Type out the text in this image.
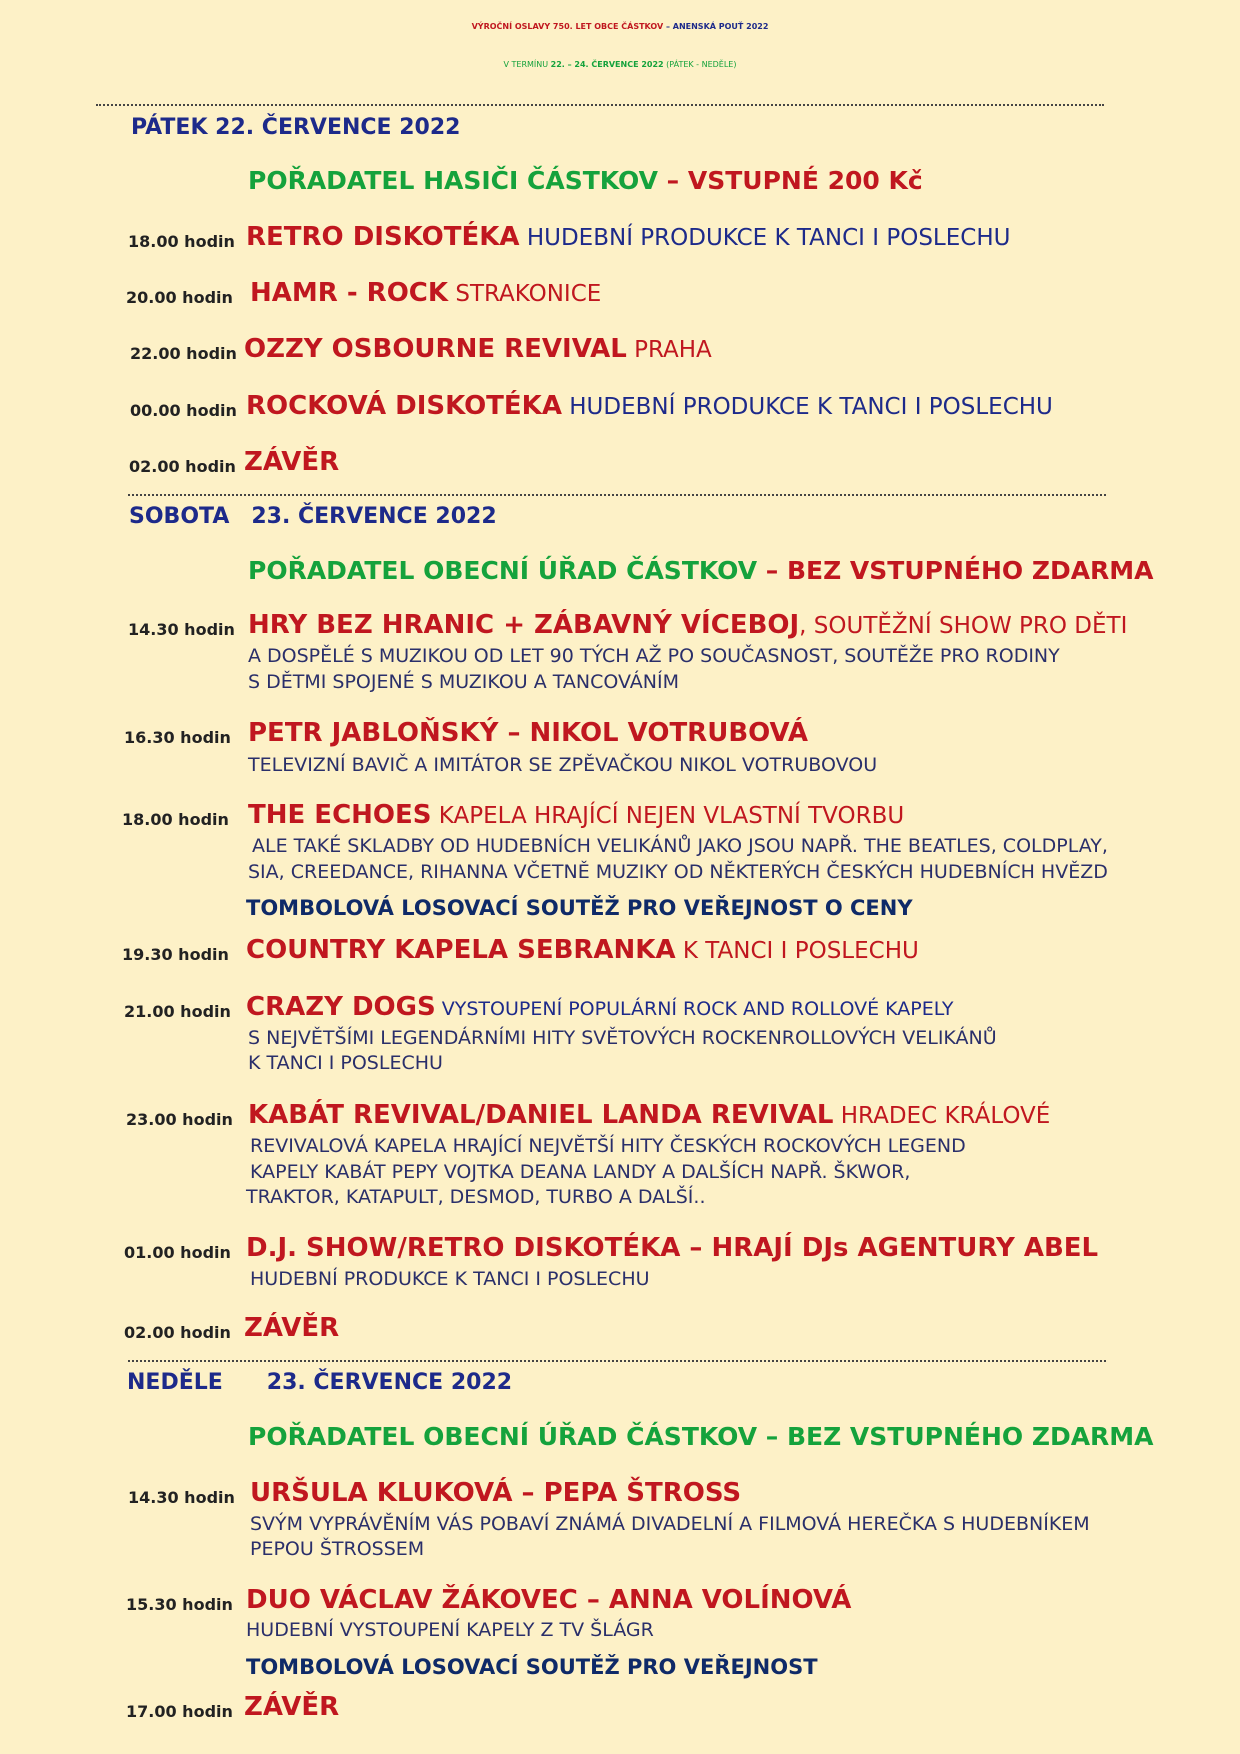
VÝROČNÍ OSLAVY 750. LET OBCE ČÁSTKOV – ANENSKÁ POUŤ 2022
V TERMÍNU 22. – 24. ČERVENCE 2022 (PÁTEK - NEDĚLE)
PÁTEK 22. ČERVENCE 2022
POŘADATEL HASIČI ČÁSTKOV – VSTUPNÉ 200 Kč
18.00 hodin RETRO DISKOTÉKA HUDEBNÍ PRODUKCE K TANCI I POSLECHU
20.00 hodin HAMR - ROCK STRAKONICE
22.00 hodin OZZY OSBOURNE REVIVAL PRAHA
00.00 hodin ROCKOVÁ DISKOTÉKA HUDEBNÍ PRODUKCE K TANCI I POSLECHU
02.00 hodin ZÁVĚR
SOBOTA 23. ČERVENCE 2022
POŘADATEL OBECNÍ ÚŘAD ČÁSTKOV – BEZ VSTUPNÉHO ZDARMA
14.30 hodin HRY BEZ HRANIC + ZÁBAVNÝ VÍCEBOJ, SOUTĚŽNÍ SHOW PRO DĚTI
A DOSPĚLÉ S MUZIKOU OD LET 90 TÝCH AŽ PO SOUČASNOST, SOUTĚŽE PRO RODINY
S DĚTMI SPOJENÉ S MUZIKOU A TANCOVÁNÍM
16.30 hodin PETR JABLOŇSKÝ – NIKOL VOTRUBOVÁ
TELEVIZNÍ BAVIČ A IMITÁTOR SE ZPĚVAČKOU NIKOL VOTRUBOVOU
18.00 hodin THE ECHOES KAPELA HRAJÍCÍ NEJEN VLASTNÍ TVORBU
ALE TAKÉ SKLADBY OD HUDEBNÍCH VELIKÁNŮ JAKO JSOU NAPŘ. THE BEATLES, COLDPLAY,
SIA, CREEDANCE, RIHANNA VČETNĚ MUZIKY OD NĚKTERÝCH ČESKÝCH HUDEBNÍCH HVĚZD
TOMBOLOVÁ LOSOVACÍ SOUTĚŽ PRO VEŘEJNOST O CENY
19.30 hodin COUNTRY KAPELA SEBRANKA K TANCI I POSLECHU
21.00 hodin CRAZY DOGS VYSTOUPENÍ POPULÁRNÍ ROCK AND ROLLOVÉ KAPELY
S NEJVĚTŠÍMI LEGENDÁRNÍMI HITY SVĚTOVÝCH ROCKENROLLOVÝCH VELIKÁNŮ
K TANCI I POSLECHU
23.00 hodin KABÁT REVIVAL/DANIEL LANDA REVIVAL HRADEC KRÁLOVÉ
REVIVALOVÁ KAPELA HRAJÍCÍ NEJVĚTŠÍ HITY ČESKÝCH ROCKOVÝCH LEGEND
KAPELY KABÁT PEPY VOJTKA DEANA LANDY A DALŠÍCH NAPŘ. ŠKWOR,
TRAKTOR, KATAPULT, DESMOD, TURBO A DALŠÍ..
01.00 hodin D.J. SHOW/RETRO DISKOTÉKA – HRAJÍ DJs AGENTURY ABEL
HUDEBNÍ PRODUKCE K TANCI I POSLECHU
02.00 hodin ZÁVĚR
NEDĚLE 23. ČERVENCE 2022
POŘADATEL OBECNÍ ÚŘAD ČÁSTKOV – BEZ VSTUPNÉHO ZDARMA
14.30 hodin URŠULA KLUKOVÁ – PEPA ŠTROSS
SVÝM VYPRÁVĚNÍM VÁS POBAVÍ ZNÁMÁ DIVADELNÍ A FILMOVÁ HEREČKA S HUDEBNÍKEM
PEPOU ŠTROSSEM
15.30 hodin DUO VÁCLAV ŽÁKOVEC – ANNA VOLÍNOVÁ
HUDEBNÍ VYSTOUPENÍ KAPELY Z TV ŠLÁGR
TOMBOLOVÁ LOSOVACÍ SOUTĚŽ PRO VEŘEJNOST
17.00 hodin ZÁVĚR
